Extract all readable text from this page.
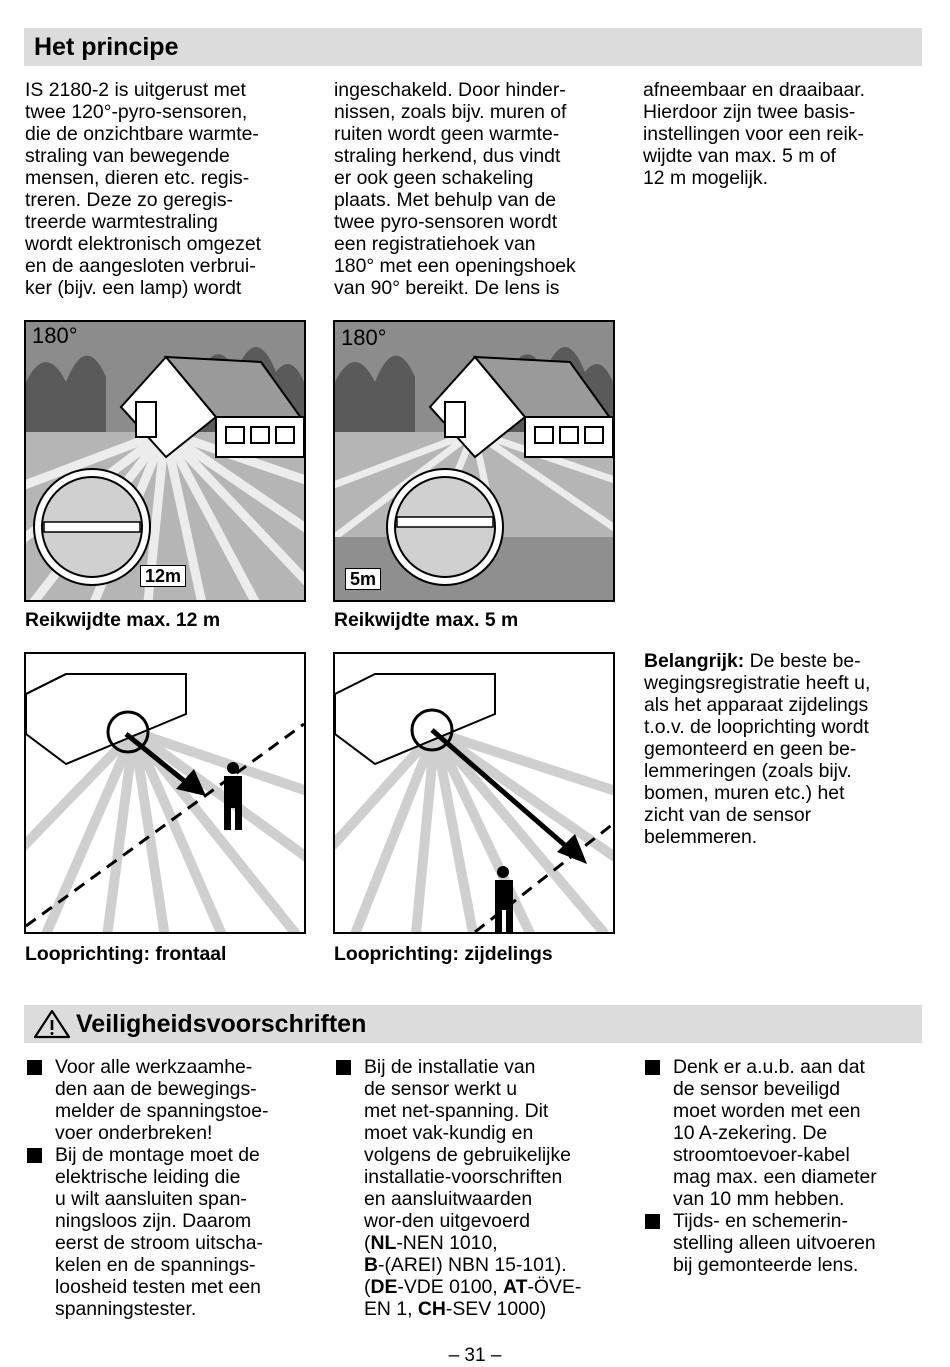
Het principe
IS 2180-2 is uitgerust met
twee 120°-pyro-sensoren,
die de onzichtbare warmte-
straling van bewegende
mensen, dieren etc. regis-
treren. Deze zo geregis-
treerde warmtestraling
wordt elektronisch omgezet
en de aangesloten verbrui-
ker (bijv. een lamp) wordt
ingeschakeld. Door hinder-
nissen, zoals bijv. muren of
ruiten wordt geen warmte-
straling herkend, dus vindt
er ook geen schakeling
plaats. Met behulp van de
twee pyro-sensoren wordt
een registratiehoek van
180° met een openingshoek
van 90° bereikt. De lens is
afneembaar en draaibaar.
Hierdoor zijn twee basis-
instellingen voor een reik-
wijdte van max. 5 m of
12 m mogelijk.
180°
12m
Reikwijdte max. 12 m
180°
5m
Reikwijdte max. 5 m
Looprichting: frontaal	Looprichting: zijdelings
Belangrijk: De beste be-
wegingsregistratie heeft u,
als het apparaat zijdelings
t.o.v. de looprichting wordt
gemonteerd en geen be-
lemmeringen (zoals bijv.
bomen, muren etc.) het
zicht van de sensor
belemmeren.
Veiligheidsvoorschriften
Voor alle werkzaamhe-
den aan de bewegings-
melder de spanningstoe-
voer onderbreken!
Bij de montage moet de
elektrische leiding die
u wilt aansluiten span-
ningsloos zijn. Daarom
eerst de stroom uitscha-
kelen en de spannings-
loosheid testen met een
spanningstester.
Bij de installatie van
de sensor werkt u
met net-spanning. Dit
moet vak-kundig en
volgens de gebruikelijke
installatie-voorschriften
en aansluitwaarden
wor-den uitgevoerd
(NL-NEN 1010,
B-(AREI) NBN 15-101).
(DE-VDE 0100, AT-ÖVE-
EN 1, CH-SEV 1000)
Denk er a.u.b. aan dat
de sensor beveiligd
moet worden met een
10 A-zekering. De
stroomtoevoer-kabel
mag max. een diameter
van 10 mm hebben.
Tijds- en schemerin-
stelling alleen uitvoeren
bij gemonteerde lens.
– 31 –
